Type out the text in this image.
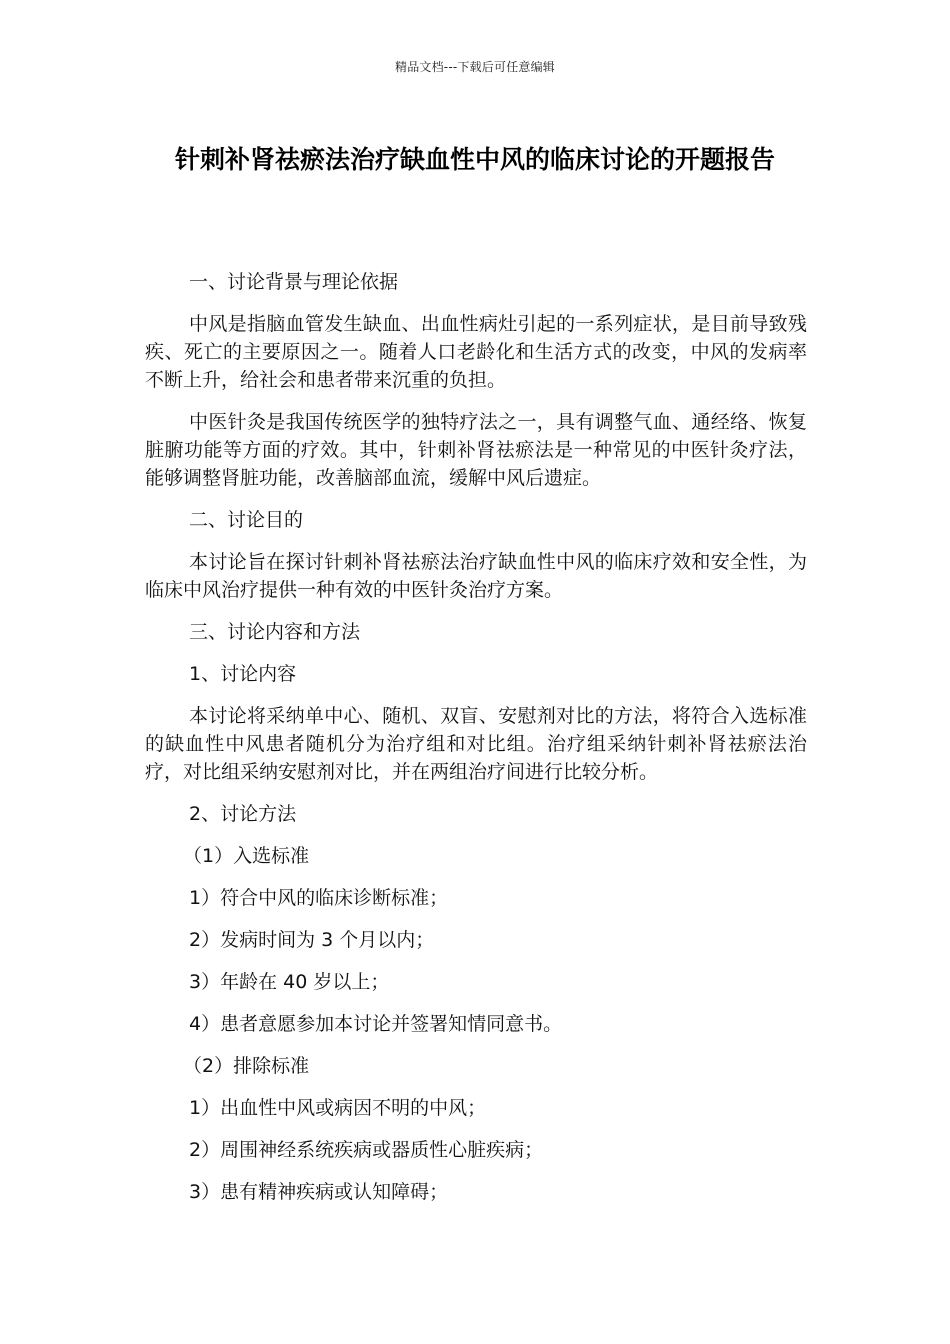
精品文档---下载后可任意编辑
针刺补肾祛瘀法治疗缺血性中风的临床讨论的开题报告

一、讨论背景与理论依据

中风是指脑血管发生缺血、出血性病灶引起的一系列症状，是目前导致残疾、死亡的主要原因之一。随着人口老龄化和生活方式的改变，中风的发病率不断上升，给社会和患者带来沉重的负担。

中医针灸是我国传统医学的独特疗法之一，具有调整气血、通经络、恢复脏腑功能等方面的疗效。其中，针刺补肾祛瘀法是一种常见的中医针灸疗法，能够调整肾脏功能，改善脑部血流，缓解中风后遗症。

二、讨论目的

本讨论旨在探讨针刺补肾祛瘀法治疗缺血性中风的临床疗效和安全性，为临床中风治疗提供一种有效的中医针灸治疗方案。

三、讨论内容和方法

1、讨论内容

本讨论将采纳单中心、随机、双盲、安慰剂对比的方法，将符合入选标准的缺血性中风患者随机分为治疗组和对比组。治疗组采纳针刺补肾祛瘀法治疗，对比组采纳安慰剂对比，并在两组治疗间进行比较分析。

2、讨论方法

（1）入选标准

1）符合中风的临床诊断标准；

2）发病时间为 3 个月以内；

3）年龄在 40 岁以上；

4）患者意愿参加本讨论并签署知情同意书。

（2）排除标准

1）出血性中风或病因不明的中风；

2）周围神经系统疾病或器质性心脏疾病；

3）患有精神疾病或认知障碍；
